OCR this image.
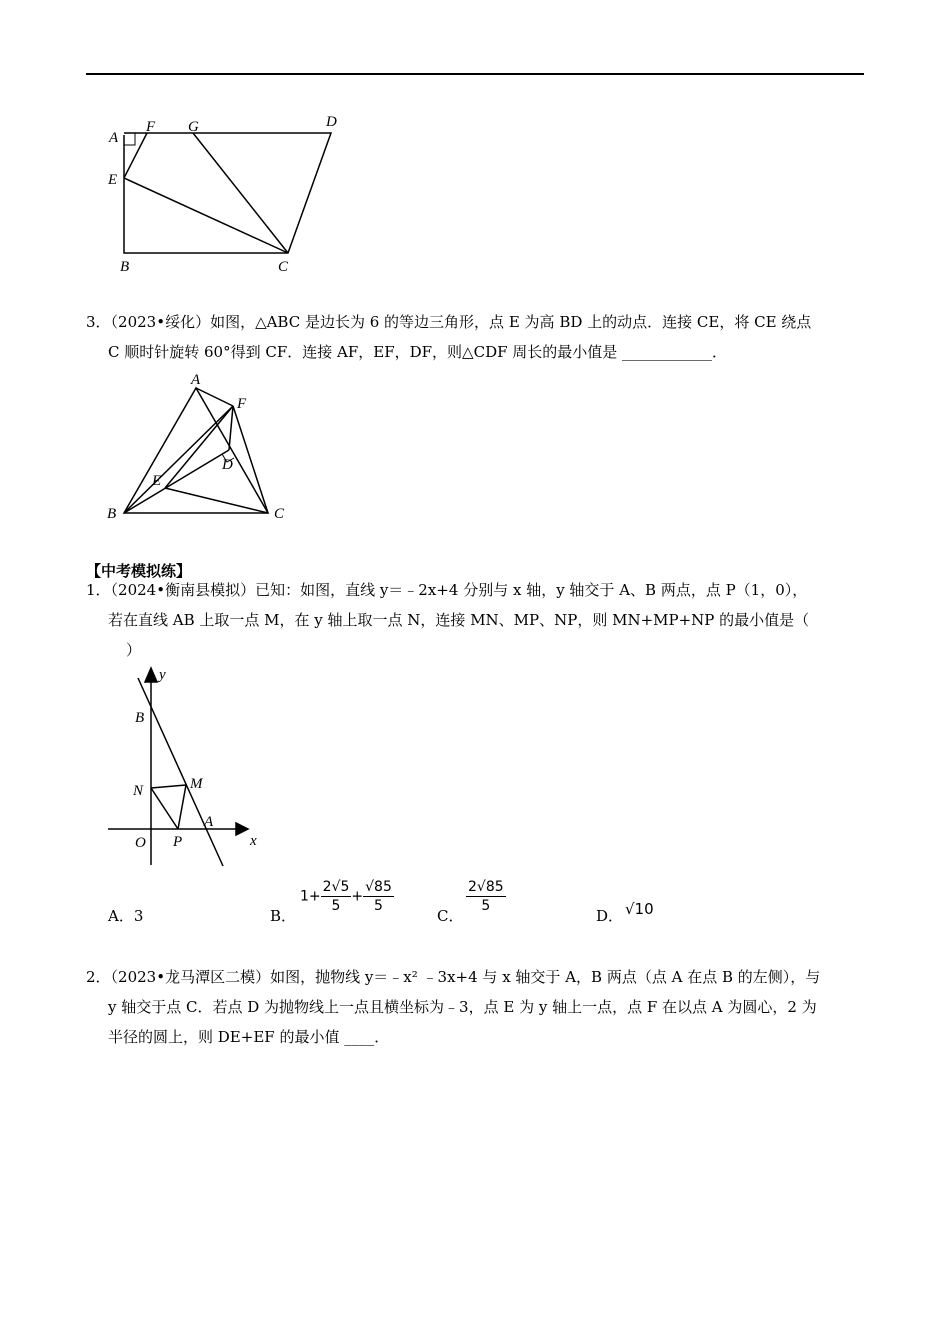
A
F G	D
E
B	C
3．（2023•绥化）如图，△ABC 是边长为 6 的等边三角形，点 E 为高 BD 上的动点．连接 CE，将 CE 绕点
C 顺时针旋转 60°得到 CF．连接 AF，EF，DF，则△CDF 周长的最小值是 ____________．
A
F
D
E
B	C
【中考模拟练】
1．（2024•衡南县模拟）已知：如图，直线 y＝﹣2x+4 分别与 x 轴，y 轴交于 A、B 两点，点 P（1，0），
若在直线 AB 上取一点 M，在 y 轴上取一点 N，连接 MN、MP、NP，则 MN+MP+NP 的最小值是（
）
y
B
N	M
O P
A
x
A．3	B．
$1+ \frac{2√5}{5} + \frac{√85}{5}$
C．
$\frac{2√85}{5}$
D． √10
2．（2023•龙马潭区二模）如图，抛物线 y＝﹣x² ﹣3x+4 与 x 轴交于 A，B 两点（点 A 在点 B 的左侧），与
y 轴交于点 C．若点 D 为抛物线上一点且横坐标为﹣3，点 E 为 y 轴上一点，点 F 在以点 A 为圆心，2 为
半径的圆上，则 DE+EF 的最小值 ____．
